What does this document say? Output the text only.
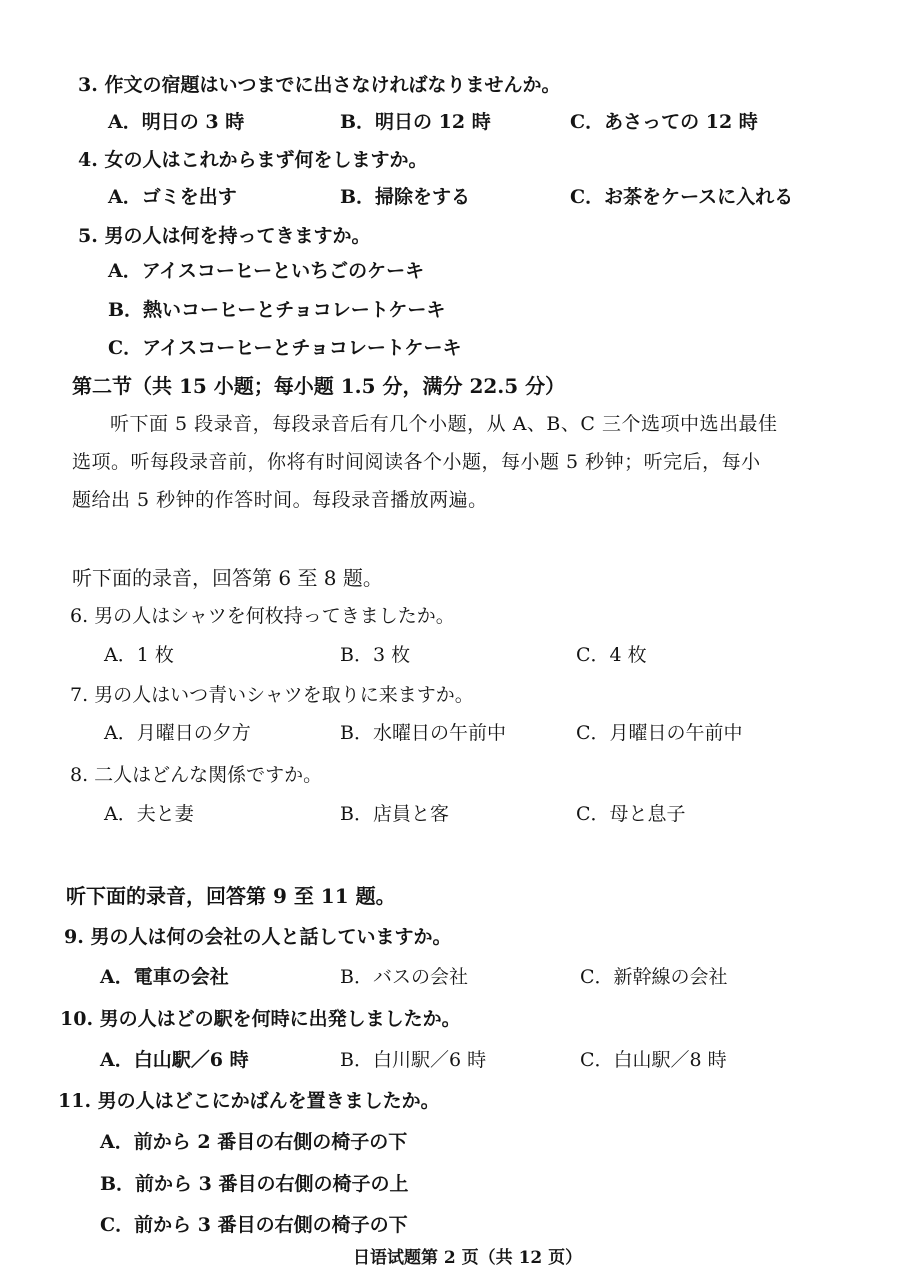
3. 作文の宿題はいつまでに出さなければなりませんか。
A．明日の 3 時	B．明日の 12 時	C．あさっての 12 時
4. 女の人はこれからまず何をしますか。
A．ゴミを出す	B．掃除をする	C．お茶をケースに入れる
5. 男の人は何を持ってきますか。
A．アイスコーヒーといちごのケーキ
B．熱いコーヒーとチョコレートケーキ
C．アイスコーヒーとチョコレートケーキ
第二节（共 15 小题；每小题 1.5 分，满分 22.5 分）
听下面 5 段录音，每段录音后有几个小题，从 A、B、C 三个选项中选出最佳
选项。听每段录音前，你将有时间阅读各个小题，每小题 5 秒钟；听完后，每小
题给出 5 秒钟的作答时间。每段录音播放两遍。
听下面的录音，回答第 6 至 8 题。
6. 男の人はシャツを何枚持ってきましたか。
A．1 枚	B．3 枚	C．4 枚
7. 男の人はいつ青いシャツを取りに来ますか。
A．月曜日の夕方	B．水曜日の午前中	C．月曜日の午前中
8. 二人はどんな関係ですか。
A．夫と妻	B．店員と客	C．母と息子
听下面的录音，回答第 9 至 11 题。
9. 男の人は何の会社の人と話していますか。
A．電車の会社	B．バスの会社	C．新幹線の会社
10. 男の人はどの駅を何時に出発しましたか。
A．白山駅／6 時	B．白川駅／6 時	C．白山駅／8 時
11. 男の人はどこにかばんを置きましたか。
A．前から 2 番目の右側の椅子の下
B．前から 3 番目の右側の椅子の上
C．前から 3 番目の右側の椅子の下
日语试题第 2 页（共 12 页）
